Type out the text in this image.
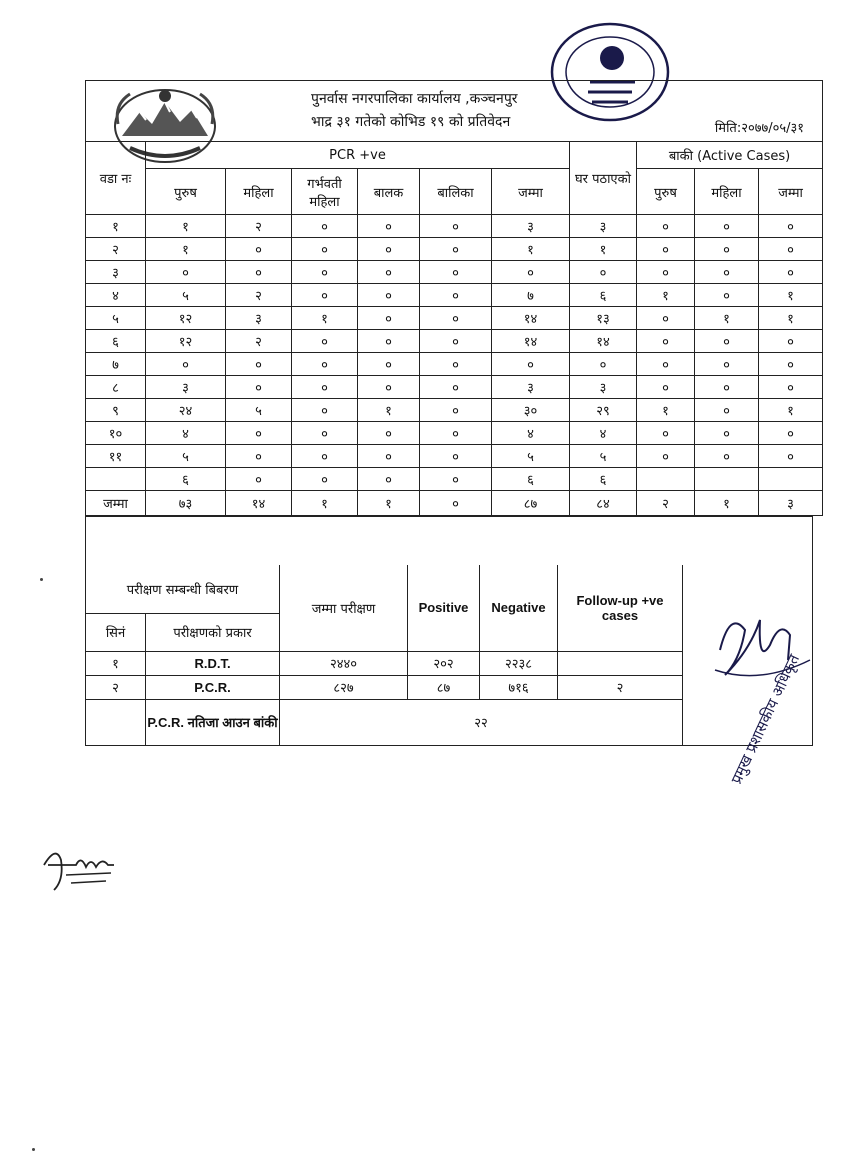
पुनर्वास नगरपालिका कार्यालय ,कञ्चनपुर
भाद्र ३१ गतेको कोभिड १९ को प्रतिवेदन मिति:२०७७/०५/३१										

वडा नः	PCR +ve						घर पठाएको	बाकी (Active Cases)		
	पुरुष	महिला	गर्भवती महिला	बालक	बालिका	जम्मा		पुरुष	महिला	जम्मा
१	१	२	०	०	०	३	३	०	०	०
२	१	०	०	०	०	१	१	०	०	०
३	०	०	०	०	०	०	०	०	०	०
४	५	२	०	०	०	७	६	१	०	१
५	१२	३	१	०	०	१४	१३	०	१	१
६	१२	२	०	०	०	१४	१४	०	०	०
७	०	०	०	०	०	०	०	०	०	०
८	३	०	०	०	०	३	३	०	०	०
९	२४	५	०	१	०	३०	२९	१	०	१
१०	४	०	०	०	०	४	४	०	०	०
११	५	०	०	०	०	५	५	०	०	०
	६	०	०	०	०	६	६			
जम्मा	७३	१४	१	१	०	८७	८४	२	१	३

परीक्षण सम्बन्धी बिबरण		जम्मा परीक्षण	Positive	Negative	Follow-up +ve cases	
सिनं	परीक्षणको प्रकार					
१	R.D.T.	२४४०	२०२	२२३८		
२	P.C.R.	८२७	८७	७१६	२	
	P.C.R. नतिजा आउन बांकी	२२					प्रमुख प्रशासकीय अधिकृत
